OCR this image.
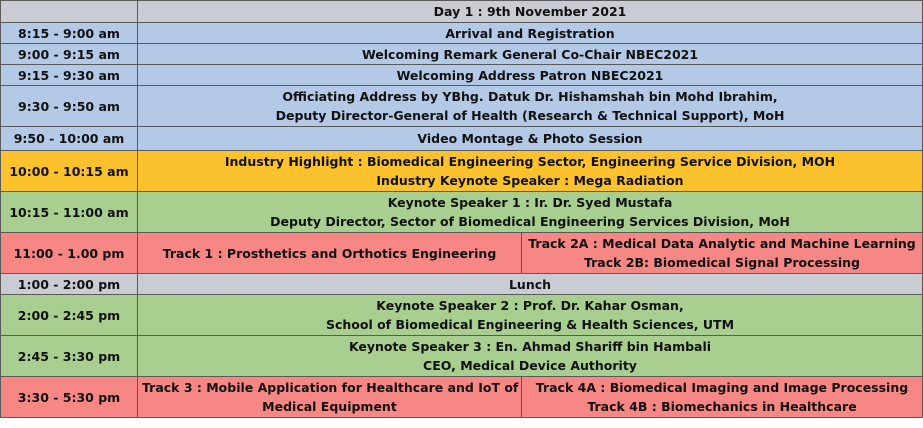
	Day 1 : 9th November 2021	
8:15 - 9:00 am	Arrival and Registration	

9:00 - 9:15 am	Welcoming Remark General Co-Chair NBEC2021	

9:15 - 9:30 am	Welcoming Address Patron NBEC2021	

9:30 - 9:50 am	Officiating Address by YBhg. Datuk Dr. Hishamshah bin Mohd Ibrahim,
Deputy Director-General of Health (Research & Technical Support), MoH	

9:50 - 10:00 am	Video Montage & Photo Session	

10:00 - 10:15 am	Industry Highlight : Biomedical Engineering Sector, Engineering Service Division, MOH
Industry Keynote Speaker : Mega Radiation	

10:15 - 11:00 am	Keynote Speaker 1 : Ir. Dr. Syed Mustafa
Deputy Director, Sector of Biomedical Engineering Services Division, MoH	

11:00 - 1.00 pm	Track 1 : Prosthetics and Orthotics Engineering	Track 2A : Medical Data Analytic and Machine Learning
Track 2B: Biomedical Signal Processing

1:00 - 2:00 pm	Lunch	

2:00 - 2:45 pm	Keynote Speaker 2 : Prof. Dr. Kahar Osman,
School of Biomedical Engineering & Health Sciences, UTM	

2:45 - 3:30 pm	Keynote Speaker 3 : En. Ahmad Shariff bin Hambali
CEO, Medical Device Authority	

3:30 - 5:30 pm	Track 3 : Mobile Application for Healthcare and IoT of
Medical Equipment	Track 4A : Biomedical Imaging and Image Processing
Track 4B : Biomechanics in Healthcare
